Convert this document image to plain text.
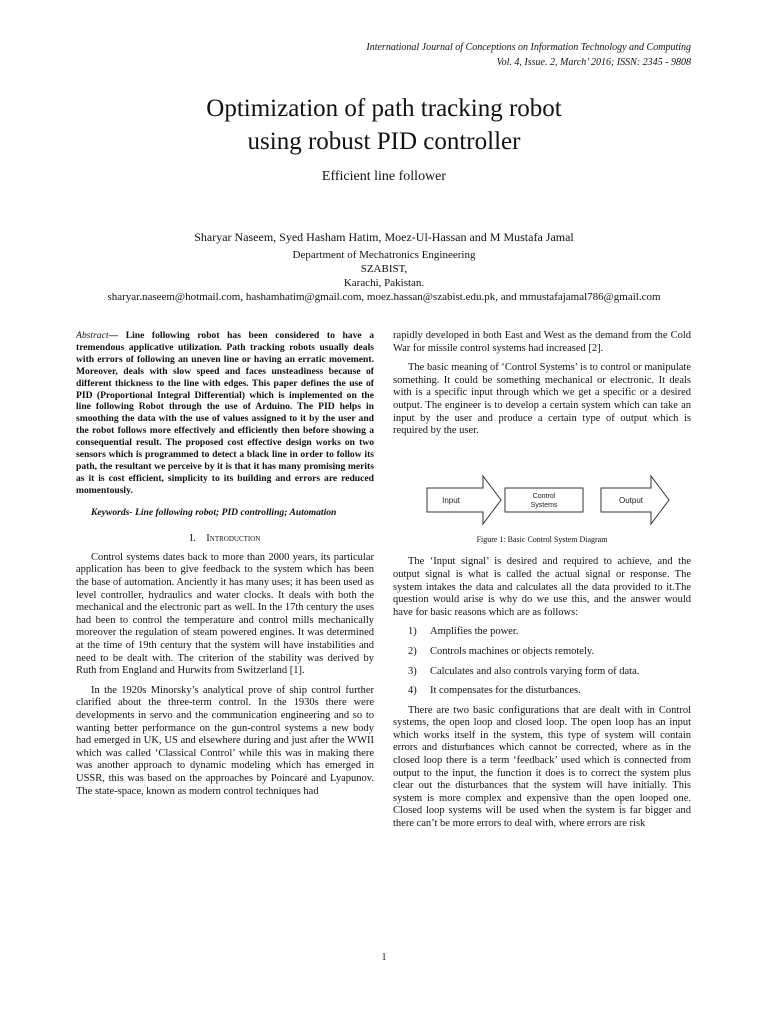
International Journal of Conceptions on Information Technology and Computing
Vol. 4, Issue. 2, March’ 2016; ISSN: 2345 - 9808
Optimization of path tracking robot
using robust PID controller
Efficient line follower
Sharyar Naseem, Syed Hasham Hatim, Moez-Ul-Hassan and M Mustafa Jamal
Department of Mechatronics Engineering
SZABIST,
Karachi, Pakistan.
sharyar.naseem@hotmail.com, hashamhatim@gmail.com, moez.hassan@szabist.edu.pk, and mmustafajamal786@gmail.com

Abstract— Line following robot has been considered to have a tremendous applicative utilization. Path tracking robots usually deals with errors of following an uneven line or having an erratic movement. Moreover, deals with slow speed and faces unsteadiness because of different thickness to the line with edges. This paper defines the use of PID (Proportional Integral Differential) which is implemented on the line following Robot through the use of Arduino. The PID helps in smoothing the data with the use of values assigned to it by the user and the robot follows more effectively and efficiently then before showing a consequential result. The proposed cost effective design works on two sensors which is programmed to detect a black line in order to follow its path, the resultant we perceive by it is that it has many promising merits as it is cost efficient, simplicity to its building and errors are reduced momentously.

Keywords- Line following robot; PID controlling; Automation

I. Introduction

Control systems dates back to more than 2000 years, its particular application has been to give feedback to the system which has been the base of automation. Anciently it has many uses; it has been used as level controller, hydraulics and water clocks. It deals with both the mechanical and the electronic part as well. In the 17th century the uses had been to control the temperature and control mills mechanically moreover the regulation of steam powered engines. It was determined at the time of 19th century that the system will have instabilities and need to be dealt with. The criterion of the stability was derived by Ruth from England and Hurwits from Switzerland [1].

In the 1920s Minorsky’s analytical prove of ship control further clarified about the three-term control. In the 1930s there were developments in servo and the communication engineering and so to wanting better performance on the gun-control systems a new body had emerged in UK, US and elsewhere during and just after the WWII which was called ‘Classical Control’ while this was in making there was another approach to dynamic modeling which has emerged in USSR, this was based on the approaches by Poincaré and Lyapunov. The state-space, known as modern control techniques had

rapidly developed in both East and West as the demand from the Cold War for missile control systems had increased [2].

The basic meaning of ‘Control Systems’ is to control or manipulate something. It could be something mechanical or electronic. It deals with is a specific input through which we get a specific or a desired output. The engineer is to develop a certain system which can take an input by the user and produce a certain type of output which is required by the user.

Input	Control
Systems
Output

Figure 1: Basic Control System Diagram

The ‘Input signal’ is desired and required to achieve, and the output signal is what is called the actual signal or response. The system intakes the data and calculates all the data provided to it.The question would arise is why do we use this, and the answer would have for basic reasons which are as follows:

1)	Amplifies the power.
2)	Controls machines or objects remotely.
3)	Calculates and also controls varying form of data.
4)	It compensates for the disturbances.

There are two basic configurations that are dealt with in Control systems, the open loop and closed loop. The open loop has an input which works itself in the system, this type of system will contain errors and disturbances which cannot be corrected, where as in the closed loop there is a term ‘feedback’ used which is connected from output to the input, the function it does is to correct the system plus clear out the disturbances that the system will have initially. This system is more complex and expensive than the open looped one. Closed loop systems will be used when the system is far bigger and there can’t be more errors to deal with, where errors are risk

1
